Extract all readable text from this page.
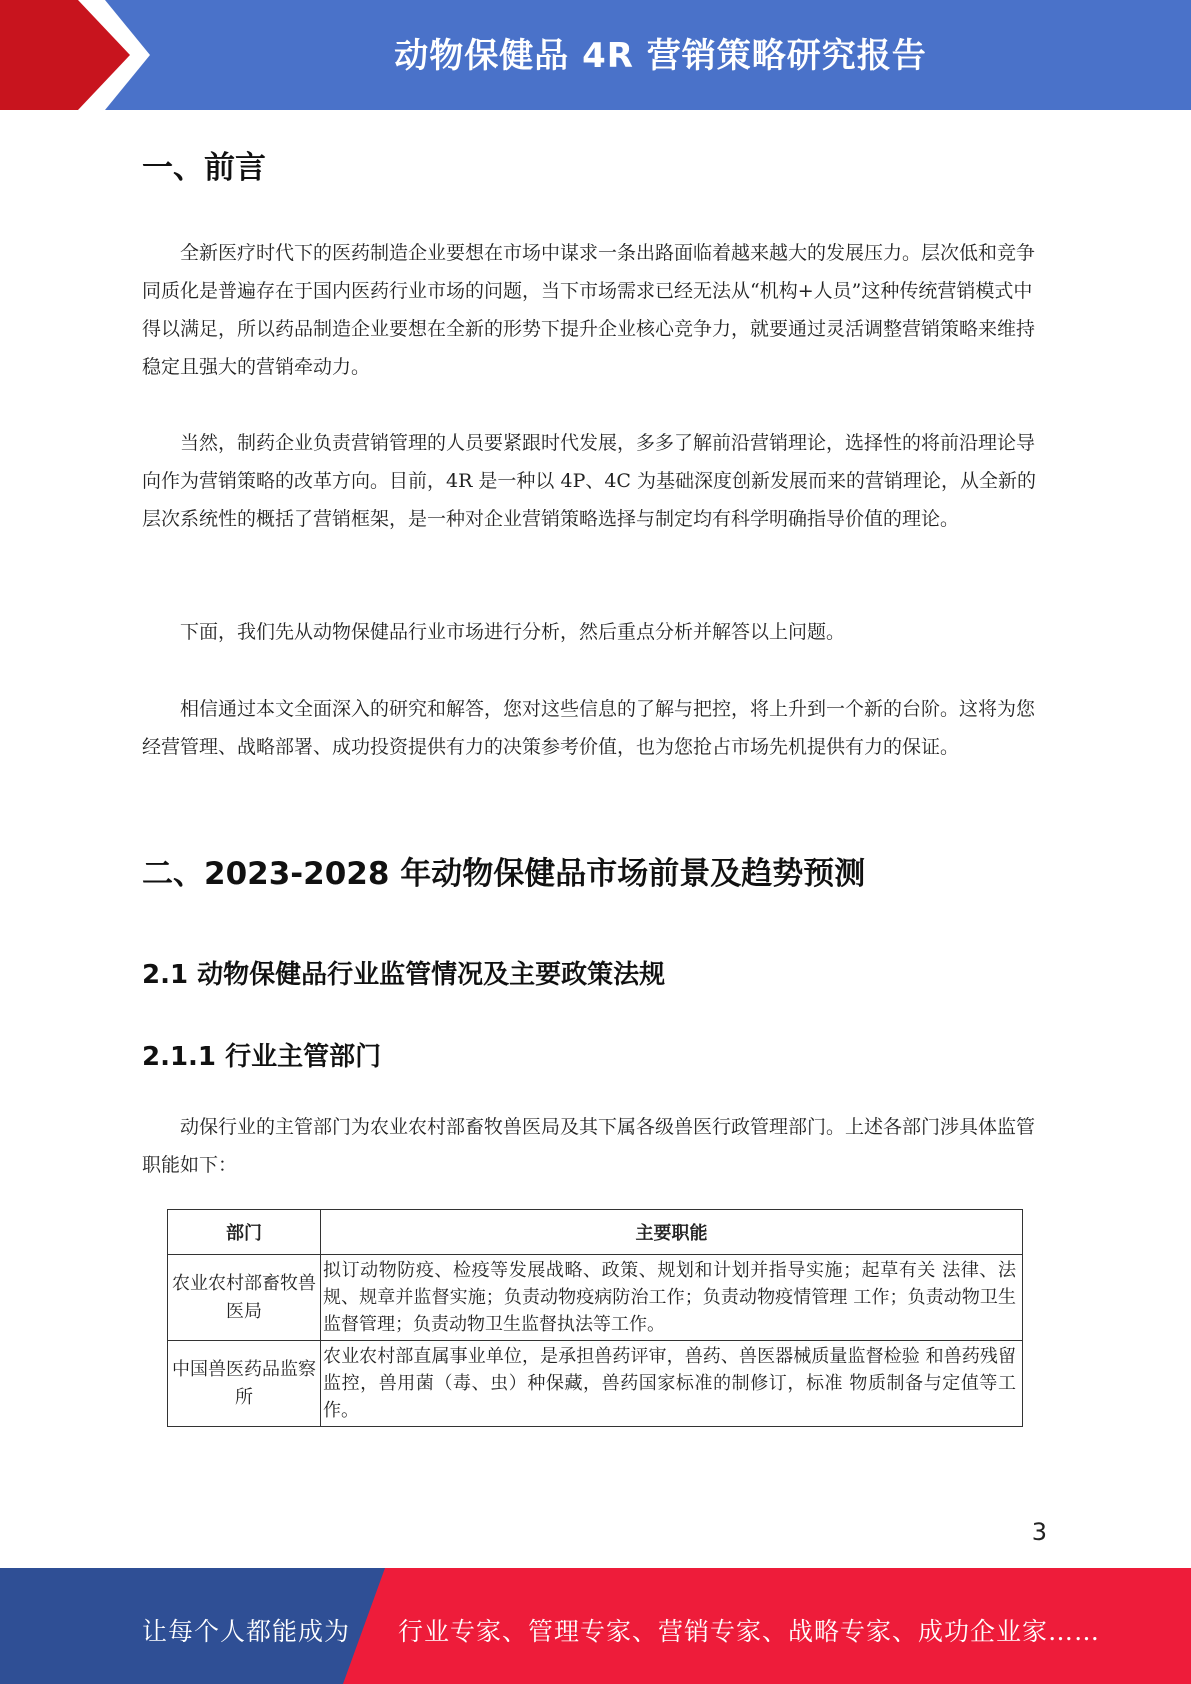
动物保健品 4R 营销策略研究报告
一、前言

全新医疗时代下的医药制造企业要想在市场中谋求一条出路面临着越来越大的发展压力。层次低和竞争同质化是普遍存在于国内医药行业市场的问题，当下市场需求已经无法从“机构+人员”这种传统营销模式中得以满足，所以药品制造企业要想在全新的形势下提升企业核心竞争力，就要通过灵活调整营销策略来维持稳定且强大的营销牵动力。

当然，制药企业负责营销管理的人员要紧跟时代发展，多多了解前沿营销理论，选择性的将前沿理论导向作为营销策略的改革方向。目前，4R 是一种以 4P、4C 为基础深度创新发展而来的营销理论，从全新的层次系统性的概括了营销框架，是一种对企业营销策略选择与制定均有科学明确指导价值的理论。

下面，我们先从动物保健品行业市场进行分析，然后重点分析并解答以上问题。

相信通过本文全面深入的研究和解答，您对这些信息的了解与把控，将上升到一个新的台阶。这将为您经营管理、战略部署、成功投资提供有力的决策参考价值，也为您抢占市场先机提供有力的保证。

二、2023-2028 年动物保健品市场前景及趋势预测
2.1 动物保健品行业监管情况及主要政策法规
2.1.1 行业主管部门

动保行业的主管部门为农业农村部畜牧兽医局及其下属各级兽医行政管理部门。上述各部门涉具体监管职能如下：

部门	主要职能
农业农村部畜牧兽医局	拟订动物防疫、检疫等发展战略、政策、规划和计划并指导实施；起草有关 法律、法规、规章并监督实施；负责动物疫病防治工作；负责动物疫情管理 工作；负责动物卫生监督管理；负责动物卫生监督执法等工作。
中国兽医药品监察所	农业农村部直属事业单位，是承担兽药评审，兽药、兽医器械质量监督检验 和兽药残留监控，兽用菌（毒、虫）种保藏，兽药国家标准的制修订，标准 物质制备与定值等工作。
3
让每个人都能成为 行业专家、管理专家、营销专家、战略专家、成功企业家……
